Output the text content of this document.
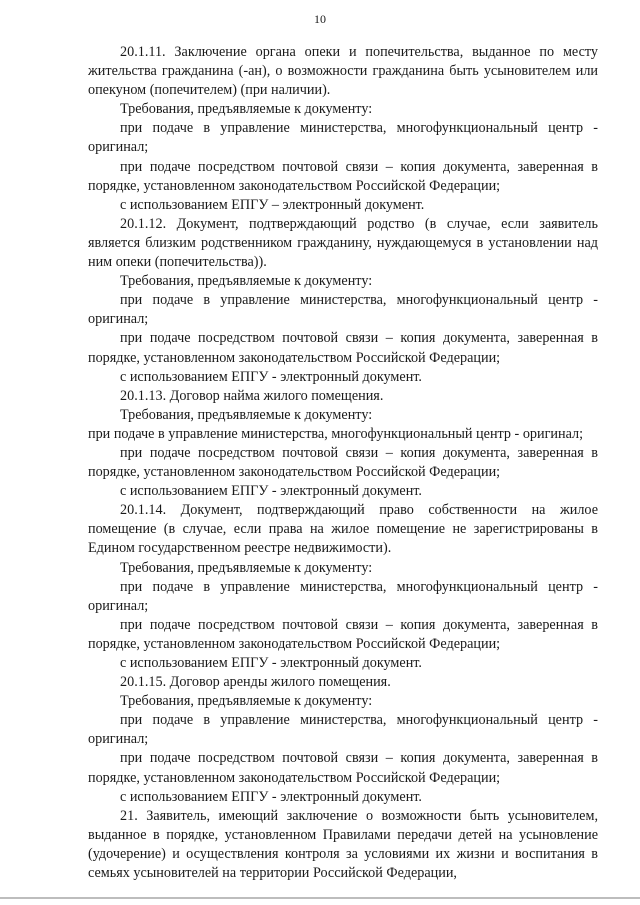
10

20.1.11. Заключение органа опеки и попечительства, выданное по месту жительства гражданина (-ан), о возможности гражданина быть усыновителем или опекуном (попечителем) (при наличии).

Требования, предъявляемые к документу:

при подаче в управление министерства, многофункциональный центр - оригинал;

при подаче посредством почтовой связи – копия документа, заверенная в порядке, установленном законодательством Российской Федерации;

с использованием ЕПГУ – электронный документ.

20.1.12. Документ, подтверждающий родство (в случае, если заявитель является близким родственником гражданину, нуждающемуся в установлении над ним опеки (попечительства)).

Требования, предъявляемые к документу:

при подаче в управление министерства, многофункциональный центр - оригинал;

при подаче посредством почтовой связи – копия документа, заверенная в порядке, установленном законодательством Российской Федерации;

с использованием ЕПГУ - электронный документ.

20.1.13. Договор найма жилого помещения.

Требования, предъявляемые к документу:

при подаче в управление министерства, многофункциональный центр - оригинал;

при подаче посредством почтовой связи – копия документа, заверенная в порядке, установленном законодательством Российской Федерации;

с использованием ЕПГУ - электронный документ.

20.1.14. Документ, подтверждающий право собственности на жилое помещение (в случае, если права на жилое помещение не зарегистрированы в Едином государственном реестре недвижимости).

Требования, предъявляемые к документу:

при подаче в управление министерства, многофункциональный центр - оригинал;

при подаче посредством почтовой связи – копия документа, заверенная в порядке, установленном законодательством Российской Федерации;

с использованием ЕПГУ - электронный документ.

20.1.15. Договор аренды жилого помещения.

Требования, предъявляемые к документу:

при подаче в управление министерства, многофункциональный центр - оригинал;

при подаче посредством почтовой связи – копия документа, заверенная в порядке, установленном законодательством Российской Федерации;

с использованием ЕПГУ - электронный документ.

21. Заявитель, имеющий заключение о возможности быть усыновителем, выданное в порядке, установленном Правилами передачи детей на усыновление (удочерение) и осуществления контроля за условиями их жизни и воспитания в семьях усыновителей на территории Российской Федерации,
